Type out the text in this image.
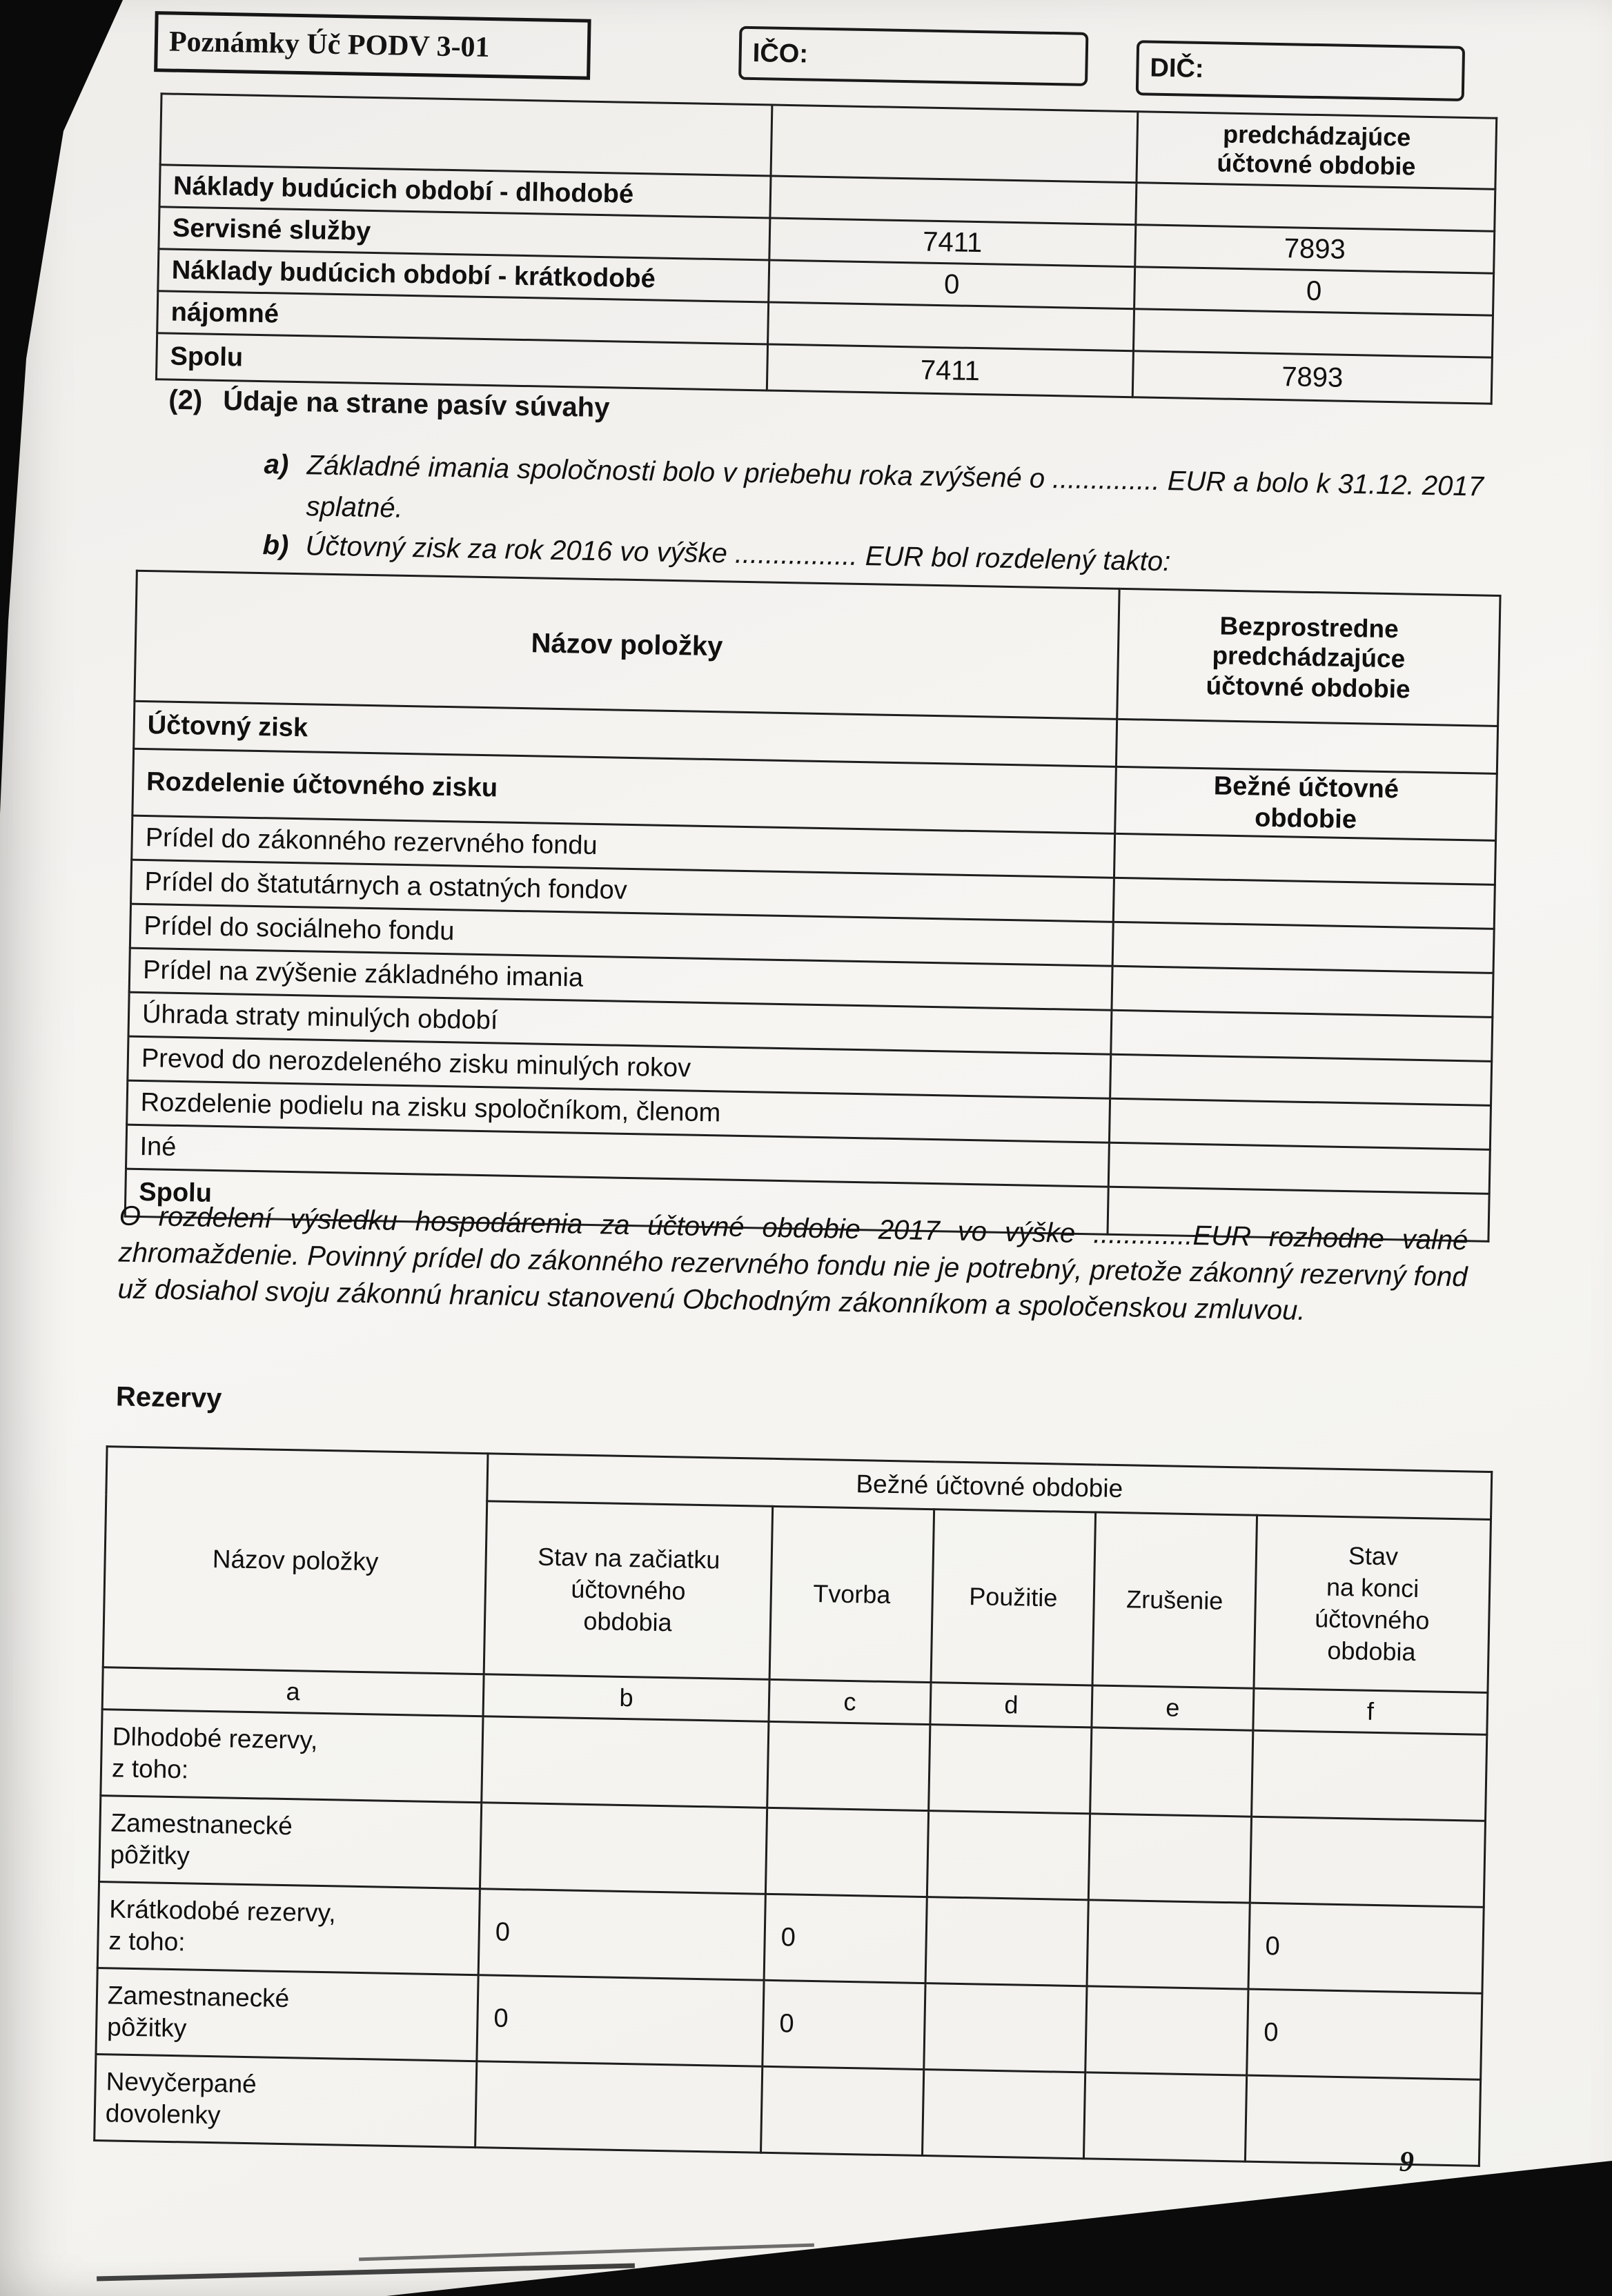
Poznámky Úč PODV 3-01	IČO:	DIČ:
		predchádzajúce
účtovné obdobie
Náklady budúcich období - dlhodobé		
Servisné služby	7411	7893
Náklady budúcich období - krátkodobé	0	0
nájomné		
Spolu	7411	7893
(2) Údaje na strane pasív súvahy
a) Základné imania spoločnosti bolo v priebehu roka zvýšené o .............. EUR a bolo k 31.12. 2017 splatné.
b) Účtovný zisk za rok 2016 vo výške ................ EUR bol rozdelený takto:
Názov položky	Bezprostredne
predchádzajúce
účtovné obdobie
Účtovný zisk	
Rozdelenie účtovného zisku	Bežné účtovné
obdobie
Prídel do zákonného rezervného fondu	
Prídel do štatutárnych a ostatných fondov	
Prídel do sociálneho fondu	
Prídel na zvýšenie základného imania	
Úhrada straty minulých období	
Prevod do nerozdeleného zisku minulých rokov	
Rozdelenie podielu na zisku spoločníkom, členom	
Iné	
Spolu	
O rozdelení výsledku hospodárenia za účtovné obdobie 2017 vo výške .............EUR rozhodne valné zhromaždenie. Povinný prídel do zákonného rezervného fondu nie je potrebný, pretože zákonný rezervný fond už dosiahol svoju zákonnú hranicu stanovenú Obchodným zákonníkom a spoločenskou zmluvou.
Rezervy
Názov položky	Bežné účtovné obdobie				
	Stav na začiatku
účtovného
obdobia	Tvorba	Použitie	Zrušenie	Stav
na konci
účtovného
obdobia
a	b	c	d	e	f
Dlhodobé rezervy,
z toho:					
Zamestnanecké
pôžitky					
Krátkodobé rezervy,
z toho:	0	0			0
Zamestnanecké
pôžitky	0	0			0
Nevyčerpané
dovolenky					
9
